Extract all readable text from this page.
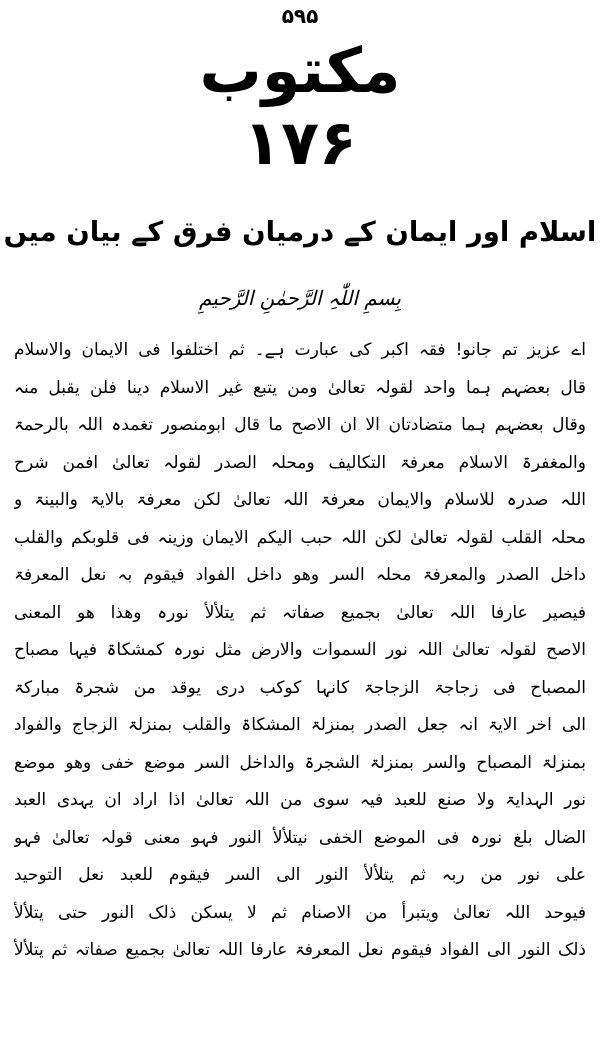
۵۹۵
مکتوب
۱۷۶
اسلام اور ایمان کے درمیان فرق کے بیان میں
بِسمِ اللّٰہِ الرَّحمٰنِ الرَّحیمِ
اے عزیز تم جانو! فقہ اکبر کی عبارت ہے۔ ثم اختلفوا فی الایمان والاسلام
قال بعضہم ہما واحد لقولہ تعالیٰ ومن یتبع غیر الاسلام دینا فلن یقبل منہ
وقال بعضہم ہما متضادتان الا ان الاصح ما قال ابومنصور تغمدہ اللہ بالرحمۃ
والمغفرۃ الاسلام معرفۃ التکالیف ومحلہ الصدر لقولہ تعالیٰ افمن شرح
اللہ صدرہ للاسلام والایمان معرفۃ اللہ تعالیٰ لکن معرفۃ بالایۃ والبینۃ و
محلہ القلب لقولہ تعالیٰ لکن اللہ حبب الیکم الایمان وزینہ فی قلوبکم والقلب
داخل الصدر والمعرفۃ محلہ السر وھو داخل الفواد فیقوم بہ نعل المعرفۃ
فیصیر عارفا اللہ تعالیٰ بجمیع صفاتہ ثم یتلألأ نورہ وھذا ھو المعنی
الاصح لقولہ تعالیٰ اللہ نور السموات والارض مثل نورہ کمشکاۃ فیہا مصباح
المصباح فی زجاجۃ الزجاجۃ کانہا کوکب دری یوقد من شجرۃ مبارکۃ
الی اخر الایۃ انہ جعل الصدر بمنزلۃ المشکاۃ والقلب بمنزلۃ الزجاج والفواد
بمنزلۃ المصباح والسر بمنزلۃ الشجرۃ والداخل السر موضع خفی وھو موضع
نور الہدایۃ ولا صنع للعبد فیہ سوی من اللہ تعالیٰ اذا اراد ان یہدی العبد
الضال بلغ نورہ فی الموضع الخفی نیتلألأ النور فہو معنی قولہ تعالیٰ فہو
علی نور من ربہ ثم یتلألأ النور الی السر فیقوم للعبد نعل التوحید
فیوحد اللہ تعالیٰ ویتبرأ من الاصنام ثم لا یسکن ذلک النور حتی یتلألأ
ذلک النور الی الفواد فیقوم نعل المعرفۃ عارفا اللہ تعالیٰ بجمیع صفاتہ ثم یتلألأ
